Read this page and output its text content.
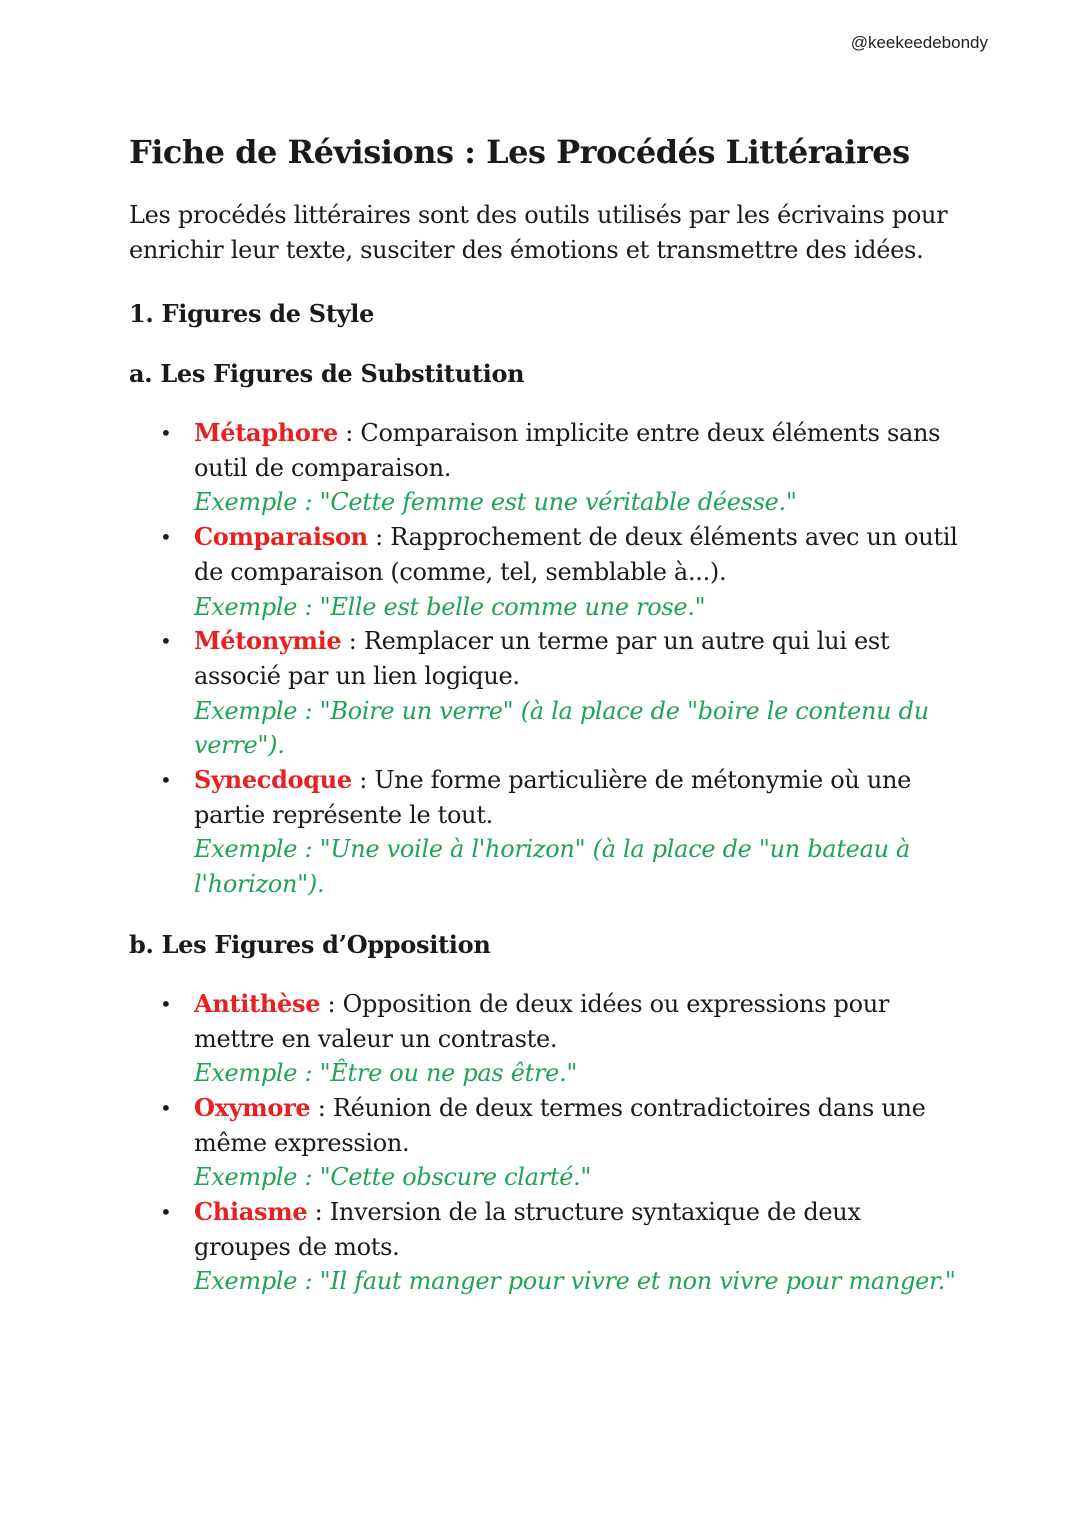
@keekeedebondy
Fiche de Révisions : Les Procédés Littéraires

Les procédés littéraires sont des outils utilisés par les écrivains pour enrichir leur texte, susciter des émotions et transmettre des idées.

1. Figures de Style
a. Les Figures de Substitution
• Métaphore : Comparaison implicite entre deux éléments sans outil de comparaison.
Exemple : "Cette femme est une véritable déesse."
• Comparaison : Rapprochement de deux éléments avec un outil de comparaison (comme, tel, semblable à...).
Exemple : "Elle est belle comme une rose."
• Métonymie : Remplacer un terme par un autre qui lui est associé par un lien logique.
Exemple : "Boire un verre" (à la place de "boire le contenu du verre").
• Synecdoque : Une forme particulière de métonymie où une partie représente le tout.
Exemple : "Une voile à l'horizon" (à la place de "un bateau à l'horizon").
b. Les Figures d’Opposition
• Antithèse : Opposition de deux idées ou expressions pour mettre en valeur un contraste.
Exemple : "Être ou ne pas être."
• Oxymore : Réunion de deux termes contradictoires dans une même expression.
Exemple : "Cette obscure clarté."
• Chiasme : Inversion de la structure syntaxique de deux groupes de mots.
Exemple : "Il faut manger pour vivre et non vivre pour manger."
